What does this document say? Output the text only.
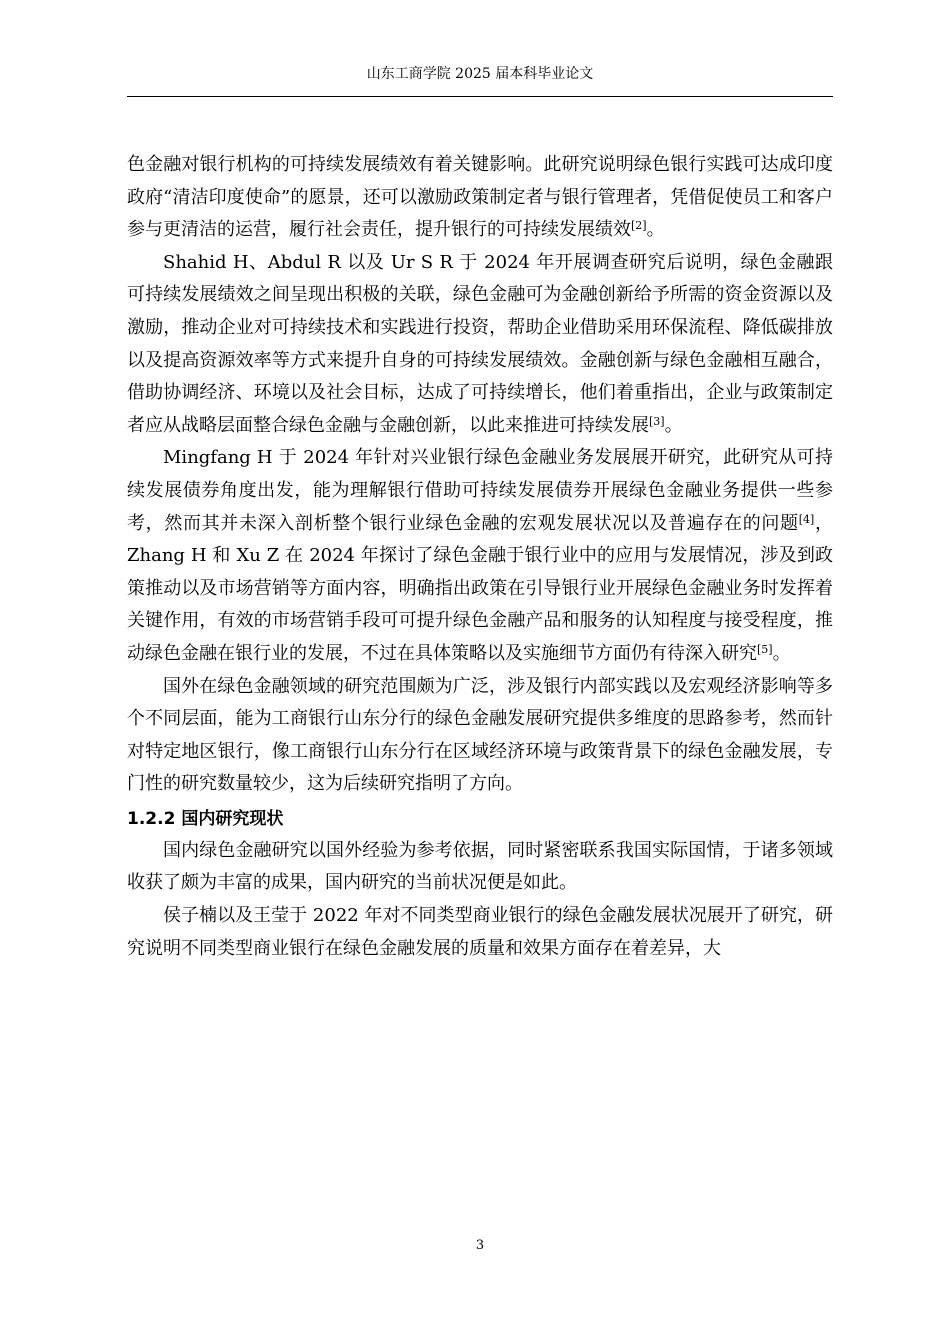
山东工商学院 2025 届本科毕业论文

色金融对银行机构的可持续发展绩效有着关键影响。此研究说明绿色银行实践可达成印度政府“清洁印度使命”的愿景，还可以激励政策制定者与银行管理者，凭借促使员工和客户参与更清洁的运营，履行社会责任，提升银行的可持续发展绩效[2]。

Shahid H、Abdul R 以及 Ur S R 于 2024 年开展调查研究后说明，绿色金融跟可持续发展绩效之间呈现出积极的关联，绿色金融可为金融创新给予所需的资金资源以及激励，推动企业对可持续技术和实践进行投资，帮助企业借助采用环保流程、降低碳排放以及提高资源效率等方式来提升自身的可持续发展绩效。金融创新与绿色金融相互融合，借助协调经济、环境以及社会目标，达成了可持续增长，他们着重指出，企业与政策制定者应从战略层面整合绿色金融与金融创新，以此来推进可持续发展[3]。

Mingfang H 于 2024 年针对兴业银行绿色金融业务发展展开研究，此研究从可持续发展债券角度出发，能为理解银行借助可持续发展债券开展绿色金融业务提供一些参考，然而其并未深入剖析整个银行业绿色金融的宏观发展状况以及普遍存在的问题[4]，Zhang H 和 Xu Z 在 2024 年探讨了绿色金融于银行业中的应用与发展情况，涉及到政策推动以及市场营销等方面内容，明确指出政策在引导银行业开展绿色金融业务时发挥着关键作用，有效的市场营销手段可可提升绿色金融产品和服务的认知程度与接受程度，推动绿色金融在银行业的发展，不过在具体策略以及实施细节方面仍有待深入研究[5]。

国外在绿色金融领域的研究范围颇为广泛，涉及银行内部实践以及宏观经济影响等多个不同层面，能为工商银行山东分行的绿色金融发展研究提供多维度的思路参考，然而针对特定地区银行，像工商银行山东分行在区域经济环境与政策背景下的绿色金融发展，专门性的研究数量较少，这为后续研究指明了方向。

1.2.2 国内研究现状

国内绿色金融研究以国外经验为参考依据，同时紧密联系我国实际国情，于诸多领域收获了颇为丰富的成果，国内研究的当前状况便是如此。

侯子楠以及王莹于 2022 年对不同类型商业银行的绿色金融发展状况展开了研究，研究说明不同类型商业银行在绿色金融发展的质量和效果方面存在着差异，大

3
